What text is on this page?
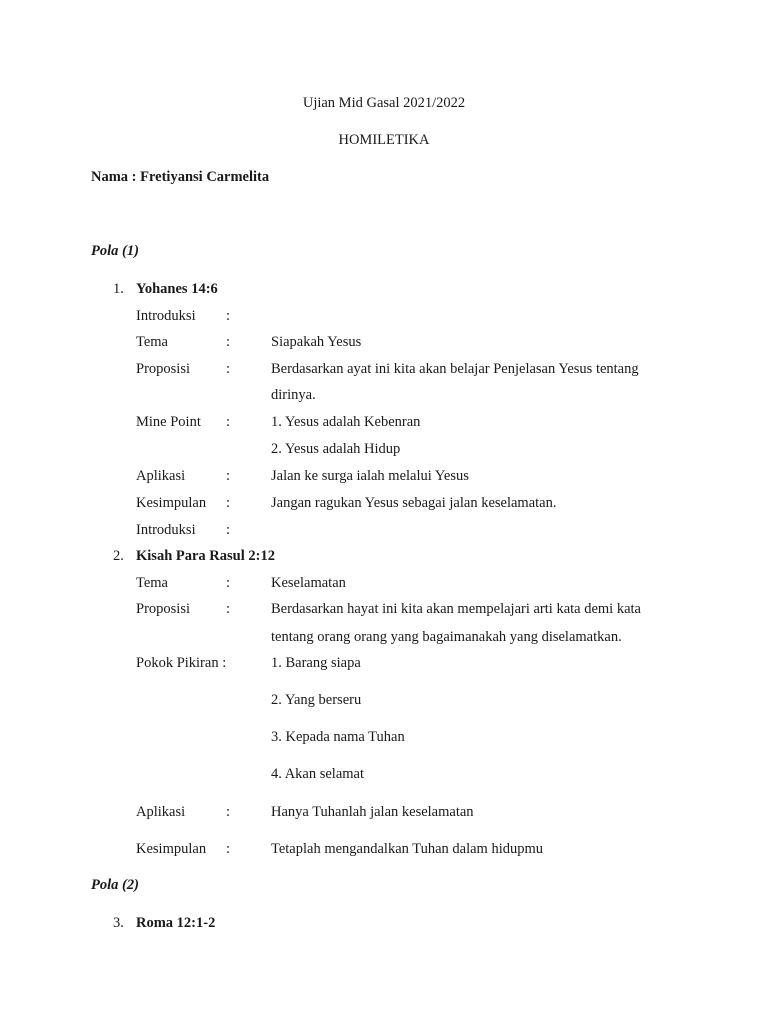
Ujian Mid Gasal 2021/2022
HOMILETIKA
Nama : Fretiyansi Carmelita
Pola (1)
1. Yohanes 14:6
Introduksi :
Tema	:	Siapakah Yesus
Proposisi :	Berdasarkan ayat ini kita akan belajar Penjelasan Yesus tentang
dirinya.
Mine Point :	1. Yesus adalah Kebenran
2. Yesus adalah Hidup
Aplikasi	:	Jalan ke surga ialah melalui Yesus
Kesimpulan :	Jangan ragukan Yesus sebagai jalan keselamatan.
Introduksi :
2. Kisah Para Rasul 2:12
Tema	:	Keselamatan
Proposisi :	Berdasarkan hayat ini kita akan mempelajari arti kata demi kata
tentang orang orang yang bagaimanakah yang diselamatkan.
Pokok Pikiran :	1. Barang siapa
2. Yang berseru
3. Kepada nama Tuhan
4. Akan selamat
Aplikasi	:	Hanya Tuhanlah jalan keselamatan
Kesimpulan :	Tetaplah mengandalkan Tuhan dalam hidupmu
Pola (2)
3. Roma 12:1-2
